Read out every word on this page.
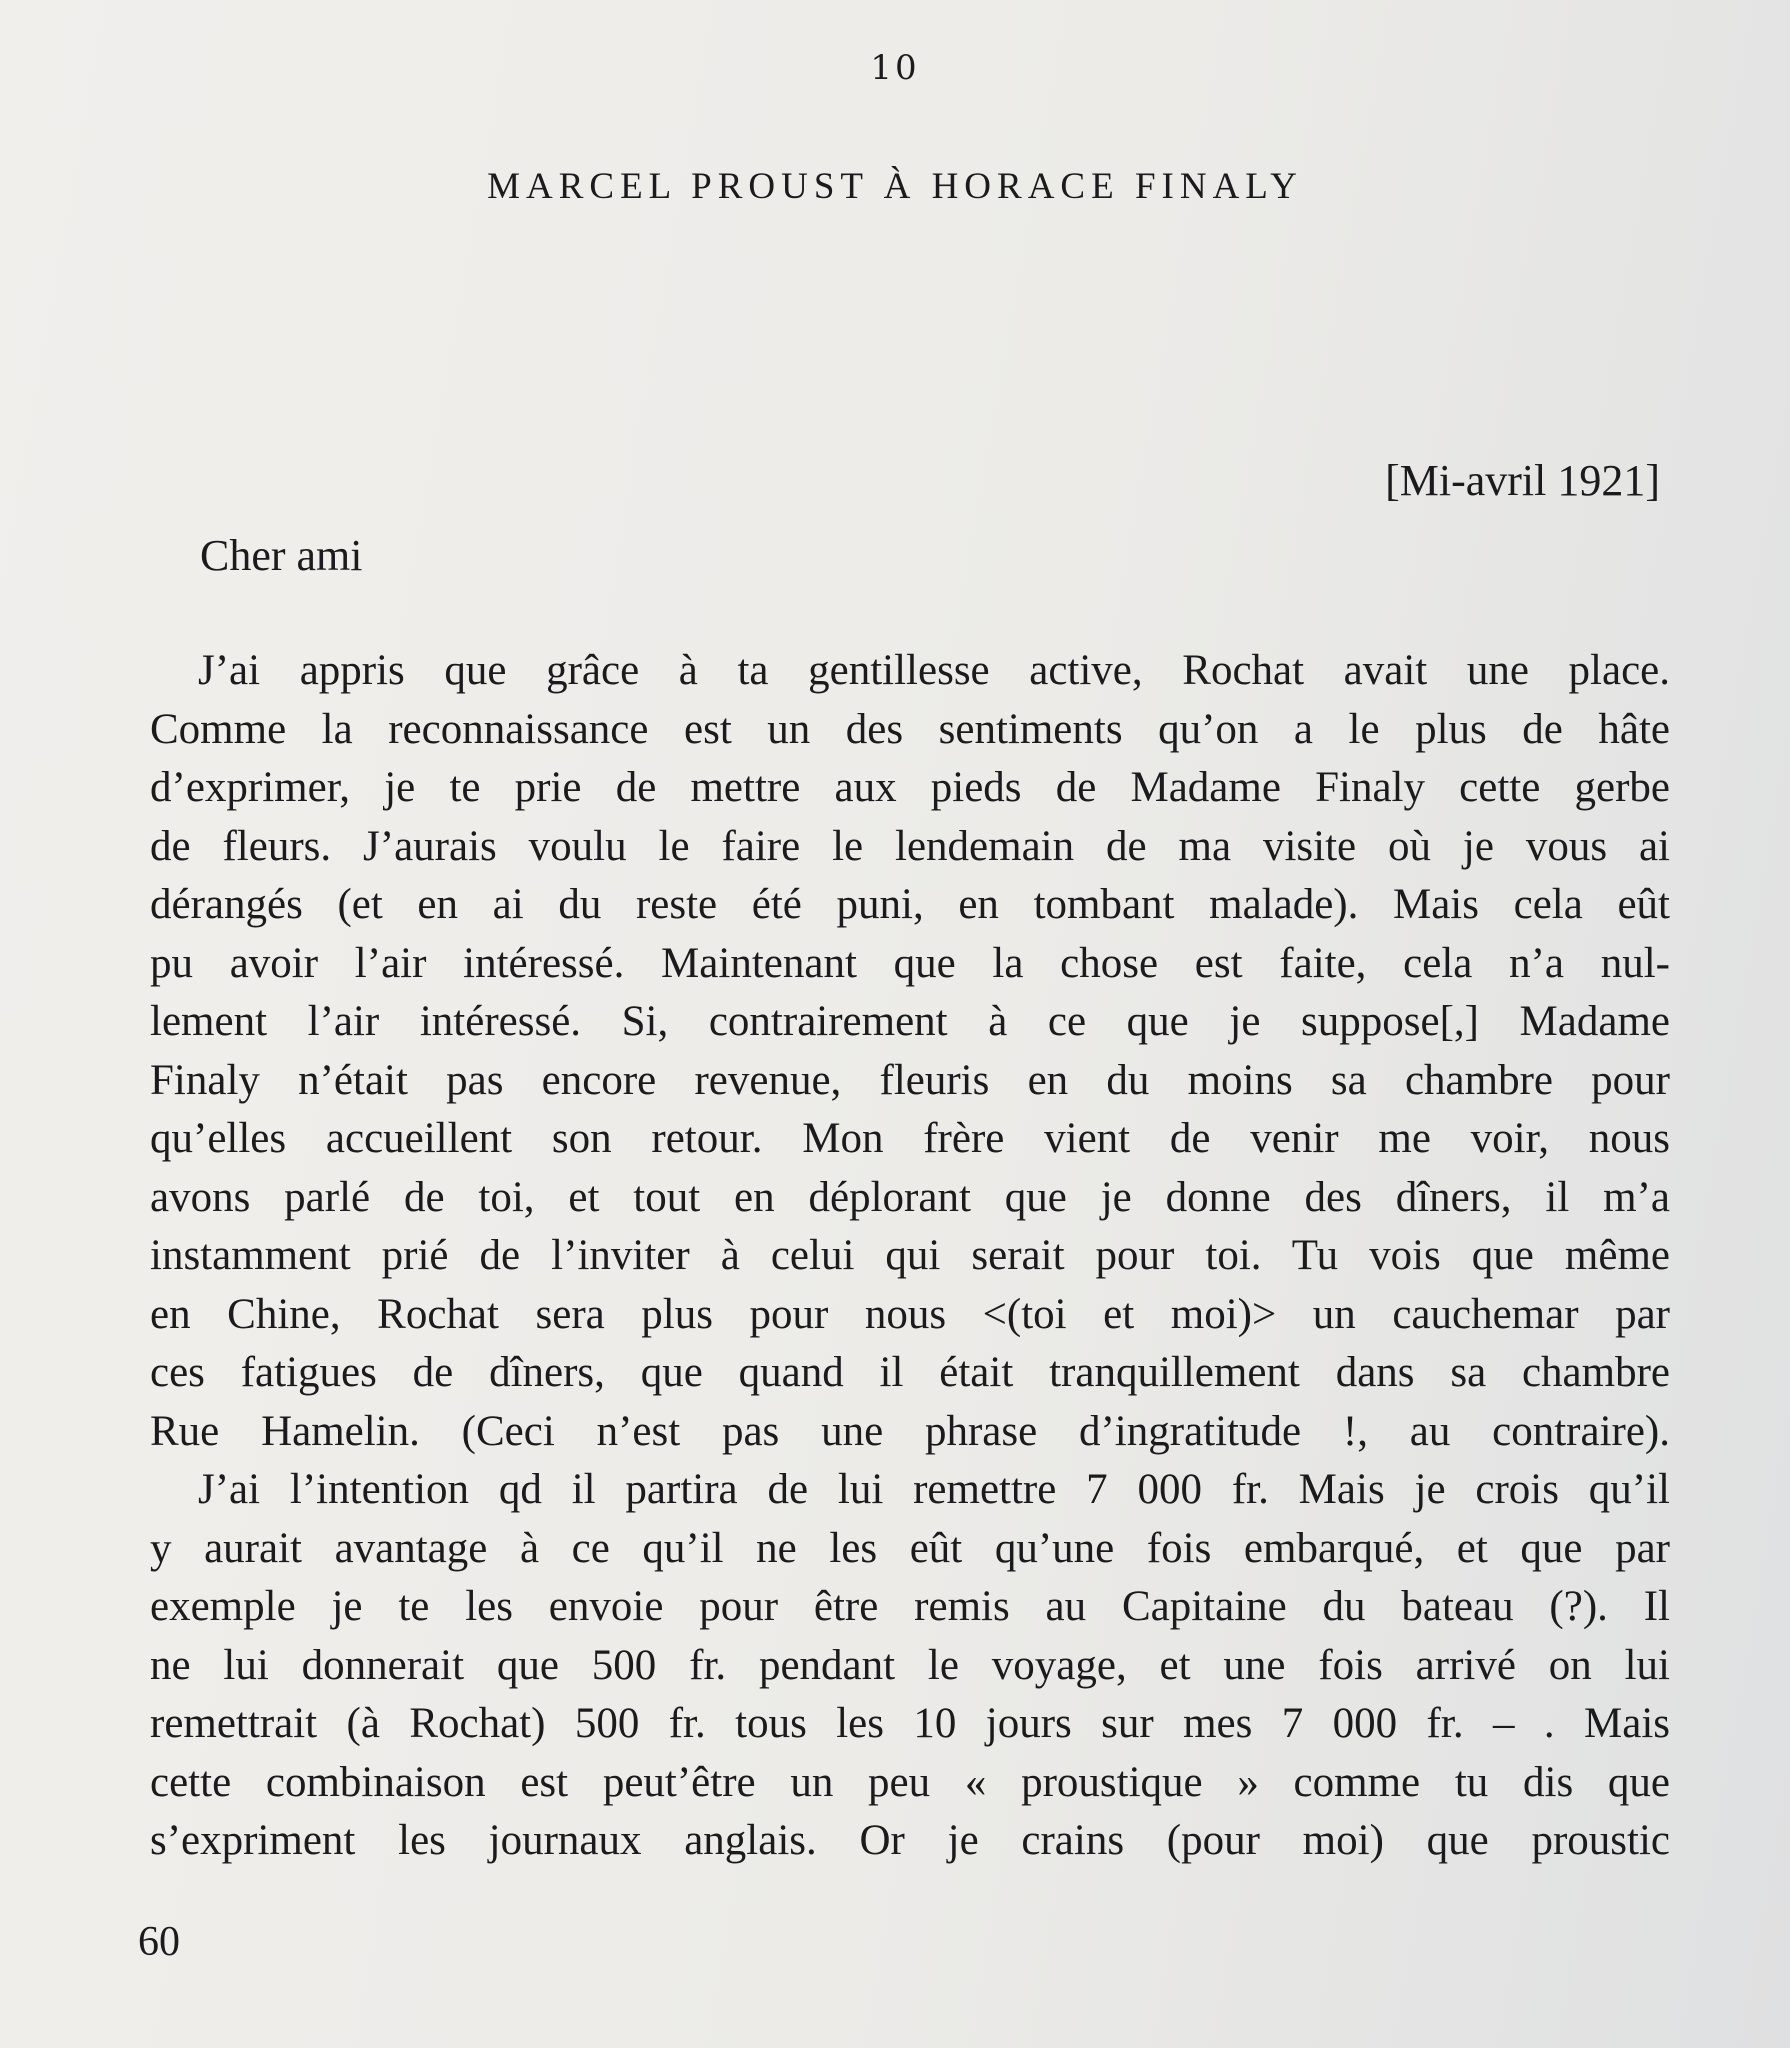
10
MARCEL PROUST À HORACE FINALY
[Mi-avril 1921]
Cher ami
J’ai appris que grâce à ta gentillesse active, Rochat avait une place.
Comme la reconnaissance est un des sentiments qu’on a le plus de hâte
d’exprimer, je te prie de mettre aux pieds de Madame Finaly cette gerbe
de fleurs. J’aurais voulu le faire le lendemain de ma visite où je vous ai
dérangés (et en ai du reste été puni, en tombant malade). Mais cela eût
pu avoir l’air intéressé. Maintenant que la chose est faite, cela n’a nul-
lement l’air intéressé. Si, contrairement à ce que je suppose[,] Madame
Finaly n’était pas encore revenue, fleuris en du moins sa chambre pour
qu’elles accueillent son retour. Mon frère vient de venir me voir, nous
avons parlé de toi, et tout en déplorant que je donne des dîners, il m’a
instamment prié de l’inviter à celui qui serait pour toi. Tu vois que même
en Chine, Rochat sera plus pour nous <(toi et moi)> un cauchemar par
ces fatigues de dîners, que quand il était tranquillement dans sa chambre
Rue Hamelin. (Ceci n’est pas une phrase d’ingratitude !, au contraire).
J’ai l’intention qd il partira de lui remettre 7 000 fr. Mais je crois qu’il
y aurait avantage à ce qu’il ne les eût qu’une fois embarqué, et que par
exemple je te les envoie pour être remis au Capitaine du bateau (?). Il
ne lui donnerait que 500 fr. pendant le voyage, et une fois arrivé on lui
remettrait (à Rochat) 500 fr. tous les 10 jours sur mes 7 000 fr. – . Mais
cette combinaison est peut’être un peu « proustique » comme tu dis que
s’expriment les journaux anglais. Or je crains (pour moi) que proustic
60
